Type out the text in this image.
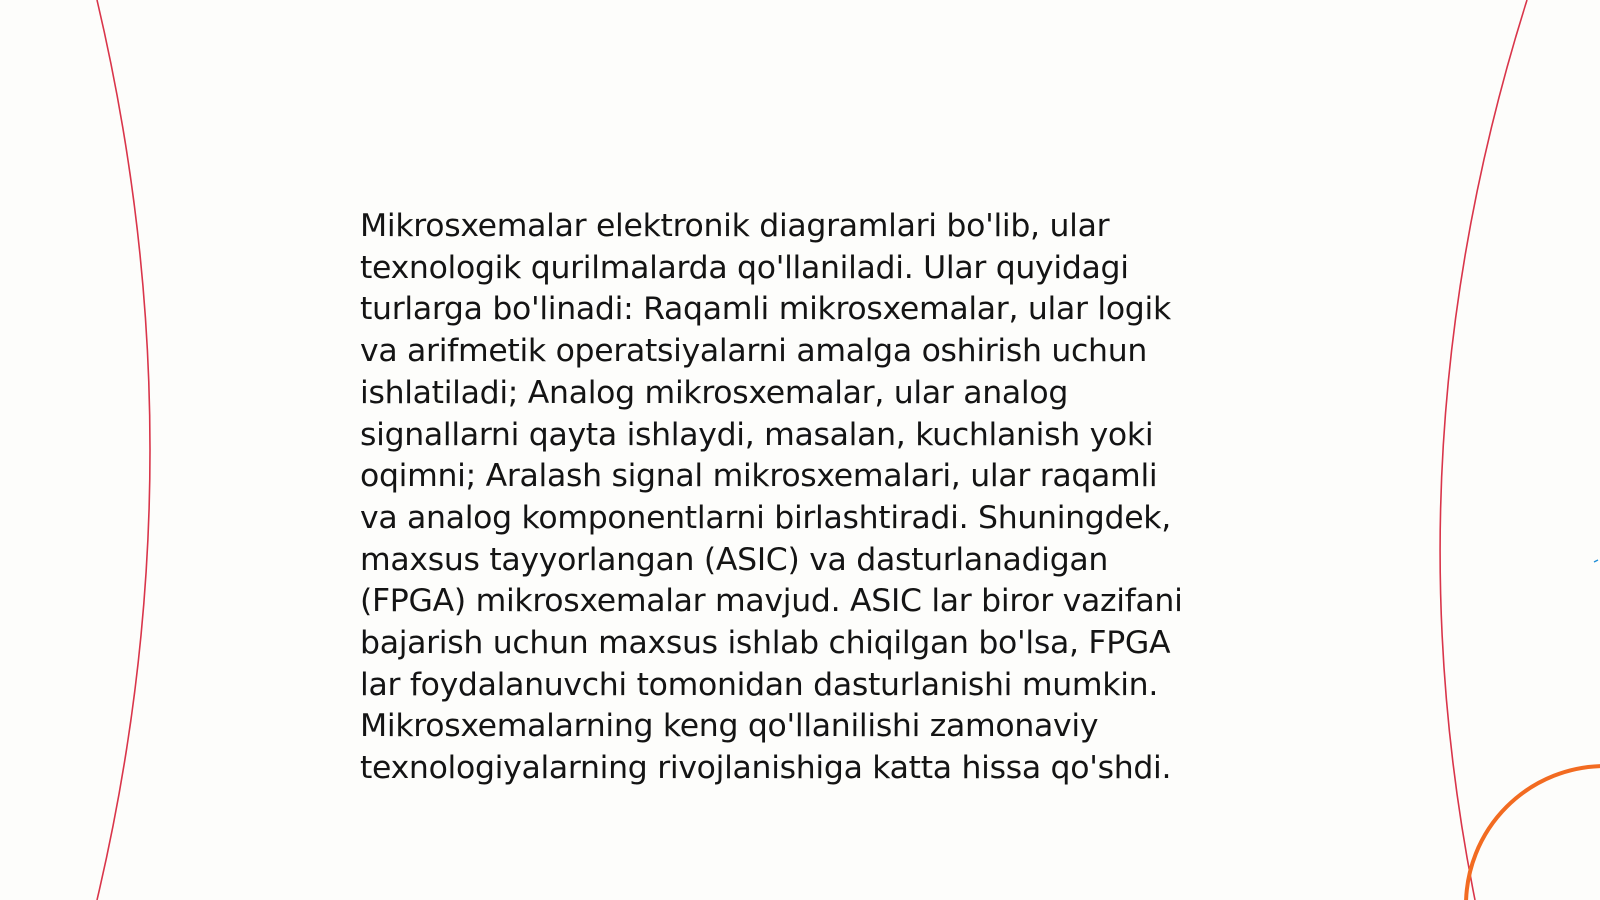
Mikrosxemalar elektronik diagramlari bo'lib, ular
texnologik qurilmalarda qo'llaniladi. Ular quyidagi
turlarga bo'linadi: Raqamli mikrosxemalar, ular logik
va arifmetik operatsiyalarni amalga oshirish uchun
ishlatiladi; Analog mikrosxemalar, ular analog
signallarni qayta ishlaydi, masalan, kuchlanish yoki
oqimni; Aralash signal mikrosxemalari, ular raqamli
va analog komponentlarni birlashtiradi. Shuningdek,
maxsus tayyorlangan (ASIC) va dasturlanadigan
(FPGA) mikrosxemalar mavjud. ASIC lar biror vazifani
bajarish uchun maxsus ishlab chiqilgan bo'lsa, FPGA
lar foydalanuvchi tomonidan dasturlanishi mumkin.
Mikrosxemalarning keng qo'llanilishi zamonaviy
texnologiyalarning rivojlanishiga katta hissa qo'shdi.
